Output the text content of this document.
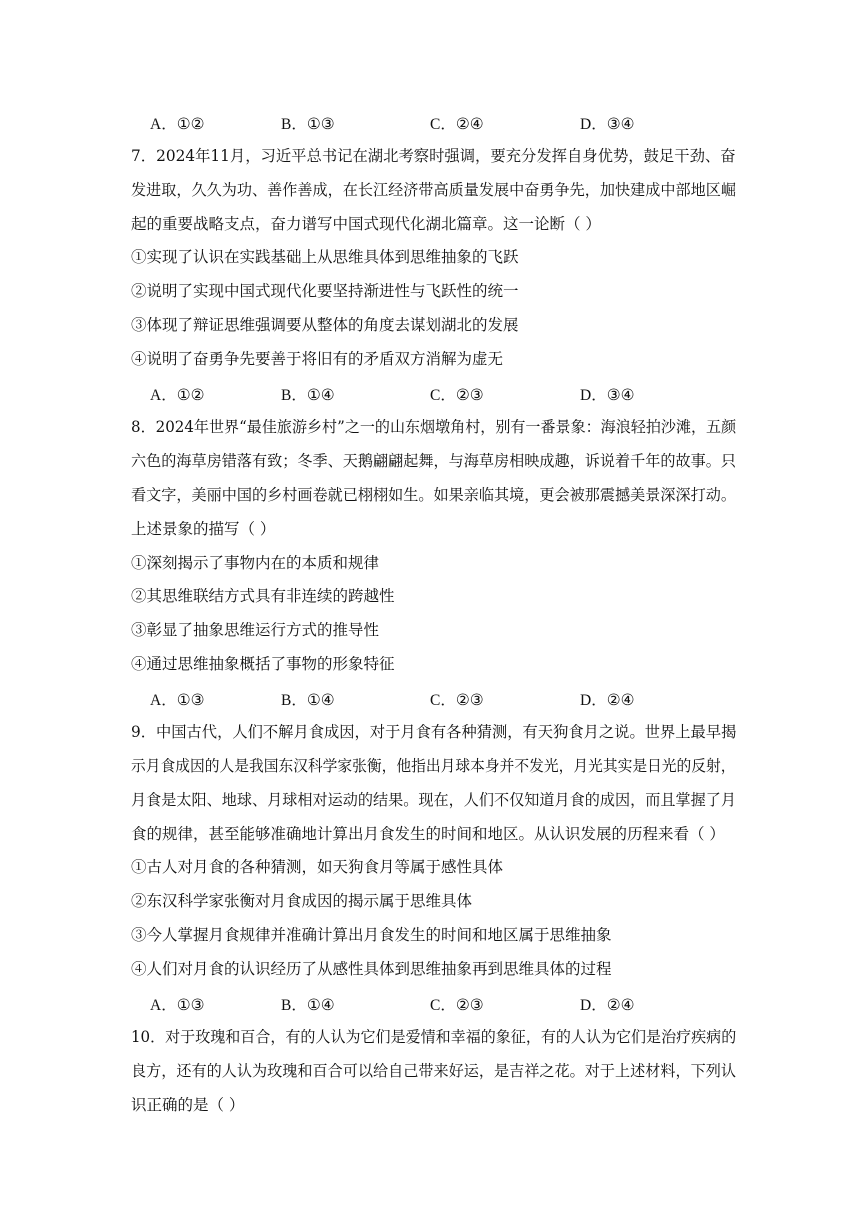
A．①②	B．①③	C．②④	D．③④
7．2024年11月，习近平总书记在湖北考察时强调，要充分发挥自身优势，鼓足干劲、奋
发进取，久久为功、善作善成，在长江经济带高质量发展中奋勇争先，加快建成中部地区崛
起的重要战略支点，奋力谱写中国式现代化湖北篇章。这一论断（ ）
①实现了认识在实践基础上从思维具体到思维抽象的飞跃
②说明了实现中国式现代化要坚持渐进性与飞跃性的统一
③体现了辩证思维强调要从整体的角度去谋划湖北的发展
④说明了奋勇争先要善于将旧有的矛盾双方消解为虚无
A．①②	B．①④	C．②③	D．③④
8．2024年世界“最佳旅游乡村”之一的山东烟墩角村，别有一番景象：海浪轻拍沙滩，五颜
六色的海草房错落有致；冬季、天鹅翩翩起舞，与海草房相映成趣，诉说着千年的故事。只
看文字，美丽中国的乡村画卷就已栩栩如生。如果亲临其境，更会被那震撼美景深深打动。
上述景象的描写（ ）
①深刻揭示了事物内在的本质和规律
②其思维联结方式具有非连续的跨越性
③彰显了抽象思维运行方式的推导性
④通过思维抽象概括了事物的形象特征
A．①③	B．①④	C．②③	D．②④
9．中国古代，人们不解月食成因，对于月食有各种猜测，有天狗食月之说。世界上最早揭
示月食成因的人是我国东汉科学家张衡，他指出月球本身并不发光，月光其实是日光的反射，
月食是太阳、地球、月球相对运动的结果。现在，人们不仅知道月食的成因，而且掌握了月
食的规律，甚至能够准确地计算出月食发生的时间和地区。从认识发展的历程来看（ ）
①古人对月食的各种猜测，如天狗食月等属于感性具体
②东汉科学家张衡对月食成因的揭示属于思维具体
③今人掌握月食规律并准确计算出月食发生的时间和地区属于思维抽象
④人们对月食的认识经历了从感性具体到思维抽象再到思维具体的过程
A．①③	B．①④	C．②③	D．②④
10．对于玫瑰和百合，有的人认为它们是爱情和幸福的象征，有的人认为它们是治疗疾病的
良方，还有的人认为玫瑰和百合可以给自己带来好运，是吉祥之花。对于上述材料，下列认
识正确的是（ ）
